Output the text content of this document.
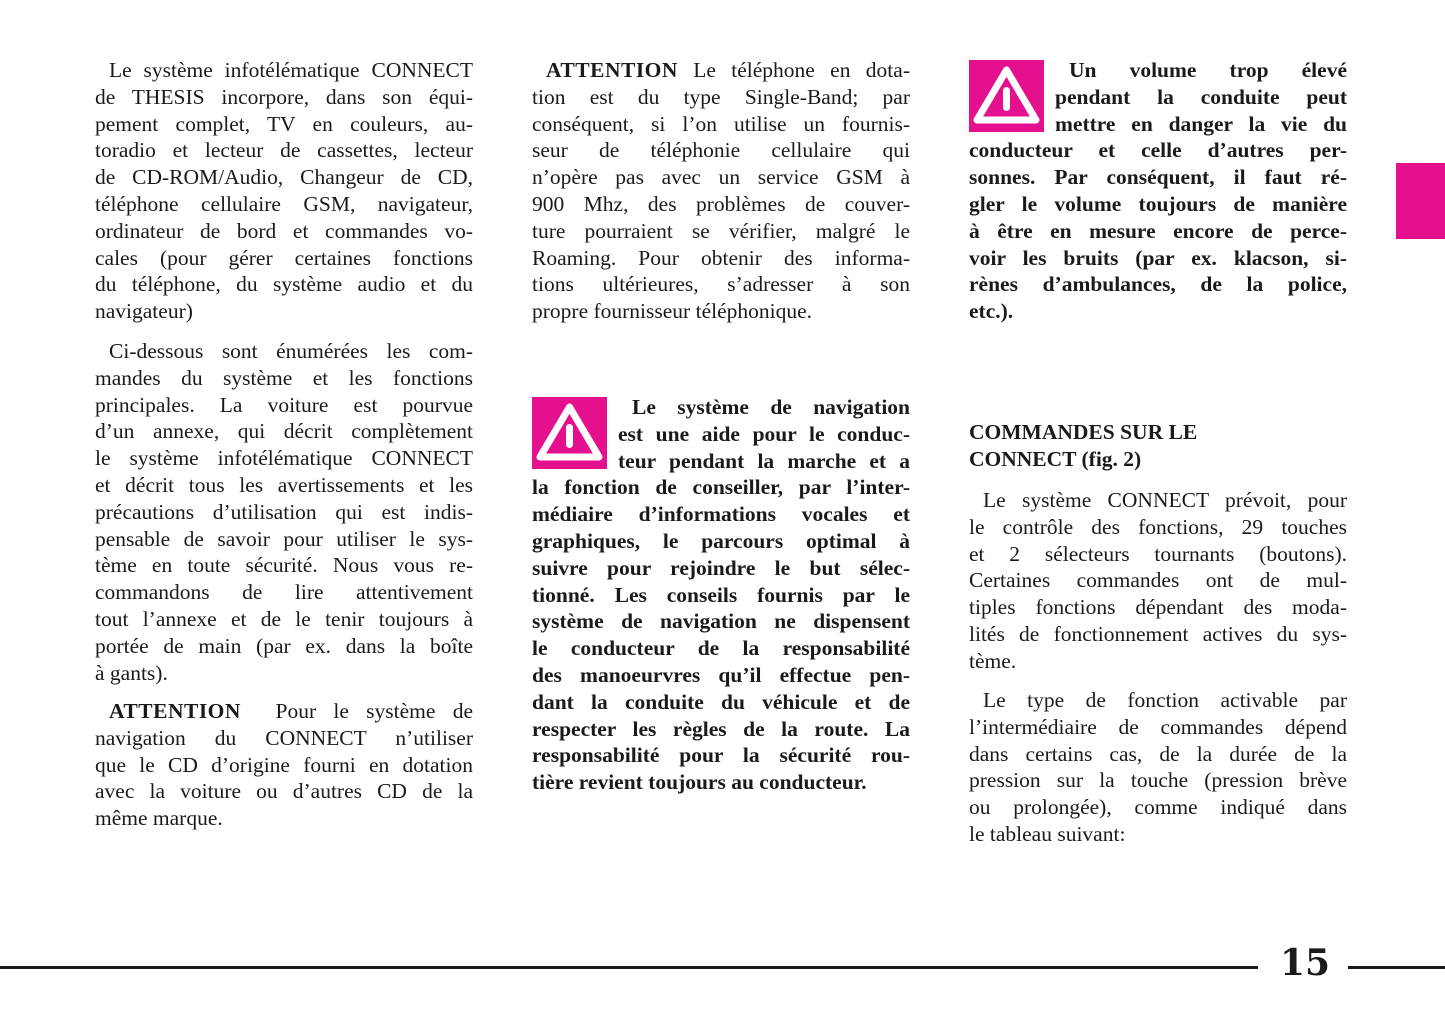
Le système infotélématique CONNECT
de THESIS incorpore, dans son équi-
pement complet, TV en couleurs, au-
toradio et lecteur de cassettes, lecteur
de CD-ROM/Audio, Changeur de CD,
téléphone cellulaire GSM, navigateur,
ordinateur de bord et commandes vo-
cales (pour gérer certaines fonctions
du téléphone, du système audio et du
navigateur)
Ci-dessous sont énumérées les com-
mandes du système et les fonctions
principales. La voiture est pourvue
d’un annexe, qui décrit complètement
le système infotélématique CONNECT
et décrit tous les avertissements et les
précautions d’utilisation qui est indis-
pensable de savoir pour utiliser le sys-
tème en toute sécurité. Nous vous re-
commandons de lire attentivement
tout l’annexe et de le tenir toujours à
portée de main (par ex. dans la boîte
à gants).
ATTENTION  Pour le système de
navigation du CONNECT n’utiliser
que le CD d’origine fourni en dotation
avec la voiture ou d’autres CD de la
même marque.
ATTENTION Le téléphone en dota-
tion est du type Single-Band; par
conséquent, si l’on utilise un fournis-
seur de téléphonie cellulaire qui
n’opère pas avec un service GSM à
900 Mhz, des problèmes de couver-
ture pourraient se vérifier, malgré le
Roaming. Pour obtenir des informa-
tions ultérieures, s’adresser à son
propre fournisseur téléphonique.
Le système de navigation
est une aide pour le conduc-
teur pendant la marche et a
la fonction de conseiller, par l’inter-
médiaire d’informations vocales et
graphiques, le parcours optimal à
suivre pour rejoindre le but sélec-
tionné. Les conseils fournis par le
système de navigation ne dispensent
le conducteur de la responsabilité
des manoeurvres qu’il effectue pen-
dant la conduite du véhicule et de
respecter les règles de la route. La
responsabilité pour la sécurité rou-
tière revient toujours au conducteur.
Un volume trop élevé
pendant la conduite peut
mettre en danger la vie du
conducteur et celle d’autres per-
sonnes. Par conséquent, il faut ré-
gler le volume toujours de manière
à être en mesure encore de perce-
voir les bruits (par ex. klacson, si-
rènes d’ambulances, de la police,
etc.).
COMMANDES SUR LE
CONNECT (fig. 2)
Le système CONNECT prévoit, pour
le contrôle des fonctions, 29 touches
et 2 sélecteurs tournants (boutons).
Certaines commandes ont de mul-
tiples fonctions dépendant des moda-
lités de fonctionnement actives du sys-
tème.
Le type de fonction activable par
l’intermédiaire de commandes dépend
dans certains cas, de la durée de la
pression sur la touche (pression brève
ou prolongée), comme indiqué dans
le tableau suivant:
15
